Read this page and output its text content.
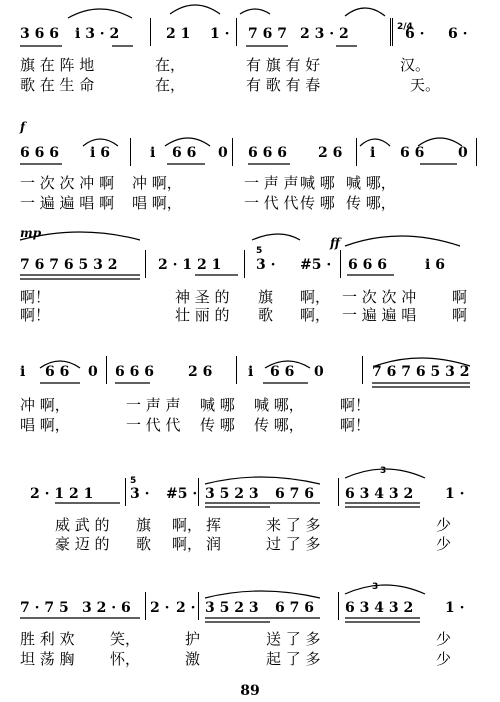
3 6 6 i 3 · 2	2 1 1 · 7 6 7 2 3 · 2	6 · 6 ·
2/4
旗 在 阵 地	在，	有 旗 有 好	汉。
歌 在 生 命	在，	有 歌 有 春	天。
f
6 6 6 i 6	i 6 6 0 6 6 6 2 6 i 6 6 0
一 次 次 冲 啊 冲 啊，	一 声 声 喊 哪 喊 哪，
一 遍 遍 唱 啊 唱 啊，	一 代 代 传 哪 传 哪，
mp
ff
7 6 7 6 5 3 2	2 · 1 2 1 3 · #5 · 6 6 6	i 6
5
啊！	神 圣 的 旗 啊， 一 次 次 冲 啊
啊！	壮 丽 的 歌 啊， 一 遍 遍 唱 啊
i 6 6 0 6 6 6 2 6	i 6 6 0	7 6 7 6 5 3 2
冲 啊，	一 声 声 喊 哪 喊 哪， 啊！
唱 啊，	一 代 代 传 哪 传 哪， 啊！
2 · 1 2 1	3 · #5 · 3 5 2 3 6 7 6 6 3 4 3 2 1 ·
5
3
威 武 的 旗 啊， 挥	来 了 多	少
豪 迈 的 歌 啊， 润	过 了 多	少
7 · 7 5 3 2 · 6 2 · 2 · 3 5 2 3 6 7 6 6 3 4 3 2 1 ·
3
胜 利 欢 笑，	护	送 了 多	少
坦 荡 胸 怀，	激	起 了 多	少
89
